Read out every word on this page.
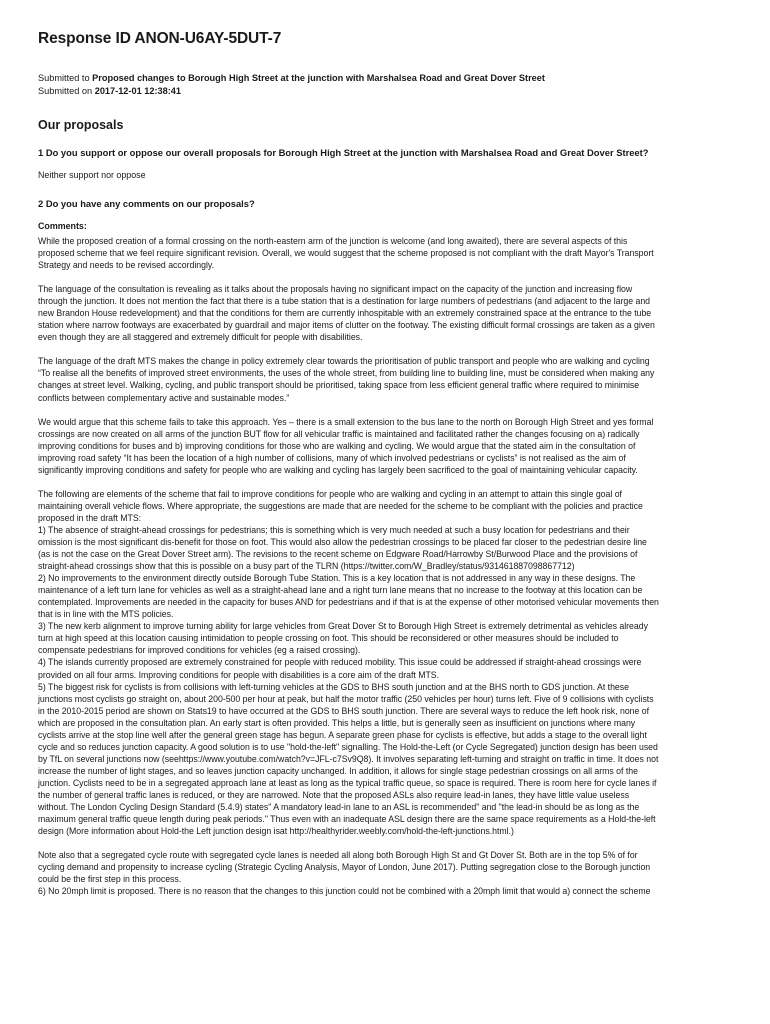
Response ID ANON-U6AY-5DUT-7
Submitted to Proposed changes to Borough High Street at the junction with Marshalsea Road and Great Dover Street
Submitted on 2017-12-01 12:38:41
Our proposals
1 Do you support or oppose our overall proposals for Borough High Street at the junction with Marshalsea Road and Great Dover Street?
Neither support nor oppose
2 Do you have any comments on our proposals?
Comments:
While the proposed creation of a formal crossing on the north-eastern arm of the junction is welcome (and long awaited), there are several aspects of this
proposed scheme that we feel require significant revision. Overall, we would suggest that the scheme proposed is not compliant with the draft Mayor's Transport
Strategy and needs to be revised accordingly.
The language of the consultation is revealing as it talks about the proposals having no significant impact on the capacity of the junction and increasing flow
through the junction. It does not mention the fact that there is a tube station that is a destination for large numbers of pedestrians (and adjacent to the large and
new Brandon House redevelopment) and that the conditions for them are currently inhospitable with an extremely constrained space at the entrance to the tube
station where narrow footways are exacerbated by guardrail and major items of clutter on the footway. The existing difficult formal crossings are taken as a given
even though they are all staggered and extremely difficult for people with disabilities.
The language of the draft MTS makes the change in policy extremely clear towards the prioritisation of public transport and people who are walking and cycling
“To realise all the benefits of improved street environments, the uses of the whole street, from building line to building line, must be considered when making any
changes at street level. Walking, cycling, and public transport should be prioritised, taking space from less efficient general traffic where required to minimise
conflicts between complementary active and sustainable modes.”
We would argue that this scheme fails to take this approach. Yes – there is a small extension to the bus lane to the north on Borough High Street and yes formal
crossings are now created on all arms of the junction BUT flow for all vehicular traffic is maintained and facilitated rather the changes focusing on a) radically
improving conditions for buses and b) improving conditions for those who are walking and cycling. We would argue that the stated aim in the consultation of
improving road safety “It has been the location of a high number of collisions, many of which involved pedestrians or cyclists” is not realised as the aim of
significantly improving conditions and safety for people who are walking and cycling has largely been sacrificed to the goal of maintaining vehicular capacity.
The following are elements of the scheme that fail to improve conditions for people who are walking and cycling in an attempt to attain this single goal of
maintaining overall vehicle flows. Where appropriate, the suggestions are made that are needed for the scheme to be compliant with the policies and practice
proposed in the draft MTS:
1) The absence of straight-ahead crossings for pedestrians; this is something which is very much needed at such a busy location for pedestrians and their
omission is the most significant dis-benefit for those on foot. This would also allow the pedestrian crossings to be placed far closer to the pedestrian desire line
(as is not the case on the Great Dover Street arm). The revisions to the recent scheme on Edgware Road/Harrowby St/Burwood Place and the provisions of
straight-ahead crossings show that this is possible on a busy part of the TLRN (https://twitter.com/W_Bradley/status/931461887098867712)
2) No improvements to the environment directly outside Borough Tube Station. This is a key location that is not addressed in any way in these designs. The
maintenance of a left turn lane for vehicles as well as a straight-ahead lane and a right turn lane means that no increase to the footway at this location can be
contemplated. Improvements are needed in the capacity for buses AND for pedestrians and if that is at the expense of other motorised vehicular movements then
that is in line with the MTS policies.
3) The new kerb alignment to improve turning ability for large vehicles from Great Dover St to Borough High Street is extremely detrimental as vehicles already
turn at high speed at this location causing intimidation to people crossing on foot. This should be reconsidered or other measures should be included to
compensate pedestrians for improved conditions for vehicles (eg a raised crossing).
4) The islands currently proposed are extremely constrained for people with reduced mobility. This issue could be addressed if straight-ahead crossings were
provided on all four arms. Improving conditions for people with disabilities is a core aim of the draft MTS.
5) The biggest risk for cyclists is from collisions with left-turning vehicles at the GDS to BHS south junction and at the BHS north to GDS junction. At these
junctions most cyclists go straight on, about 200-500 per hour at peak, but half the motor traffic (250 vehicles per hour) turns left. Five of 9 collisions with cyclists
in the 2010-2015 period are shown on Stats19 to have occurred at the GDS to BHS south junction. There are several ways to reduce the left hook risk, none of
which are proposed in the consultation plan. An early start is often provided. This helps a little, but is generally seen as insufficient on junctions where many
cyclists arrive at the stop line well after the general green stage has begun. A separate green phase for cyclists is effective, but adds a stage to the overall light
cycle and so reduces junction capacity. A good solution is to use "hold-the-left" signalling. The Hold-the-Left (or Cycle Segregated) junction design has been used
by TfL on several junctions now (seehttps://www.youtube.com/watch?v=JFL-c7Sv9Q8). It involves separating left-turning and straight on traffic in time. It does not
increase the number of light stages, and so leaves junction capacity unchanged. In addition, it allows for single stage pedestrian crossings on all arms of the
junction. Cyclists need to be in a segregated approach lane at least as long as the typical traffic queue, so space is required. There is room here for cycle lanes if
the number of general traffic lanes is reduced, or they are narrowed. Note that the proposed ASLs also require lead-in lanes, they have little value useless
without. The London Cycling Design Standard (5.4.9) states" A mandatory lead-in lane to an ASL is recommended" and "the lead-in should be as long as the
maximum general traffic queue length during peak periods." Thus even with an inadequate ASL design there are the same space requirements as a Hold-the-left
design (More information about Hold-the Left junction design isat http://healthyrider.weebly.com/hold-the-left-junctions.html.)
Note also that a segregated cycle route with segregated cycle lanes is needed all along both Borough High St and Gt Dover St. Both are in the top 5% of for
cycling demand and propensity to increase cycling (Strategic Cycling Analysis, Mayor of London, June 2017). Putting segregation close to the Borough junction
could be the first step in this process.
6) No 20mph limit is proposed. There is no reason that the changes to this junction could not be combined with a 20mph limit that would a) connect the scheme
